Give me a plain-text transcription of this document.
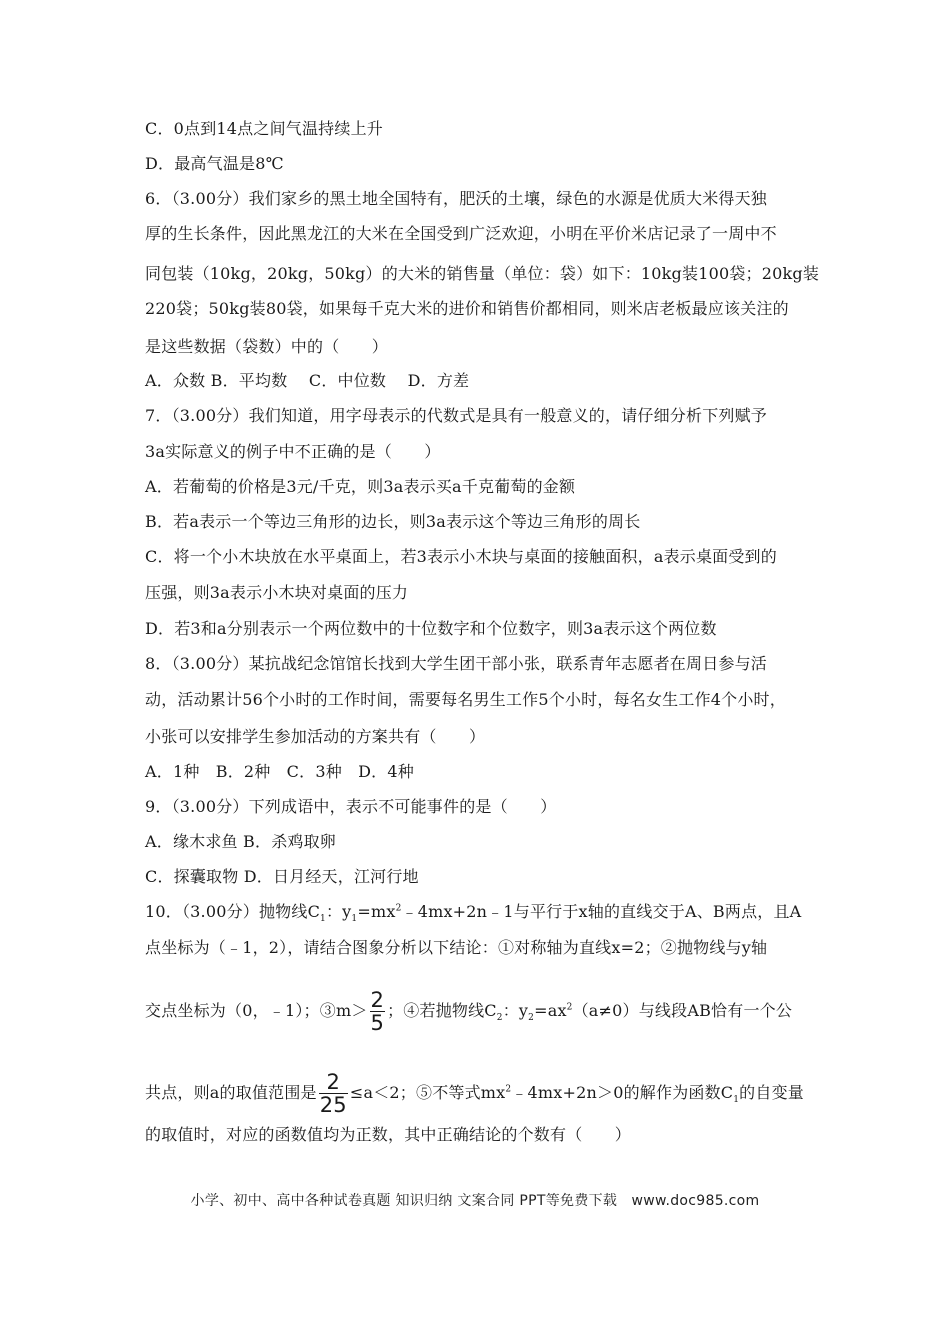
C．0点到14点之间气温持续上升
D．最高气温是8℃
6．（3.00分）我们家乡的黑土地全国特有，肥沃的土壤，绿色的水源是优质大米得天独
厚的生长条件，因此黑龙江的大米在全国受到广泛欢迎，小明在平价米店记录了一周中不
同包装（10kg，20kg，50kg）的大米的销售量（单位：袋）如下：10kg装100袋；20kg装
220袋；50kg装80袋，如果每千克大米的进价和销售价都相同，则米店老板最应该关注的
是这些数据（袋数）中的（　　）
A．众数 B．平均数　 C．中位数　 D．方差
7．（3.00分）我们知道，用字母表示的代数式是具有一般意义的，请仔细分析下列赋予
3a实际意义的例子中不正确的是（　　）
A．若葡萄的价格是3元/千克，则3a表示买a千克葡萄的金额
B．若a表示一个等边三角形的边长，则3a表示这个等边三角形的周长
C．将一个小木块放在水平桌面上，若3表示小木块与桌面的接触面积，a表示桌面受到的
压强，则3a表示小木块对桌面的压力
D．若3和a分别表示一个两位数中的十位数字和个位数字，则3a表示这个两位数
8．（3.00分）某抗战纪念馆馆长找到大学生团干部小张，联系青年志愿者在周日参与活
动，活动累计56个小时的工作时间，需要每名男生工作5个小时，每名女生工作4个小时，
小张可以安排学生参加活动的方案共有（　　）
A．1种　B．2种　C．3种　D．4种
9．（3.00分）下列成语中，表示不可能事件的是（　　）
A．缘木求鱼 B．杀鸡取卵
C．探囊取物 D．日月经天，江河行地
10．（3.00分）抛物线$C_1$：$y_1=mx^2﹣4mx+2n﹣1$与平行于x轴的直线交于A、B两点，且A
点坐标为（﹣1，2），请结合图象分析以下结论：①对称轴为直线x=2；②抛物线与y轴
交点坐标为（0，﹣1）；③m＞ $\frac{2}{5}$ ；④若抛物线$C_2$：$y_2=ax^2(a\ne 0)$与线段AB恰有一个公
共点，则a的取值范围是 $\frac{2}{25} \le a<2$；⑤不等式$mx^2﹣4mx+2n>0$的解作为函数$C_1$的自变量
的取值时，对应的函数值均为正数，其中正确结论的个数有（　　）
小学、初中、高中各种试卷真题 知识归纳 文案合同 PPT等免费下载　www.doc985.com
